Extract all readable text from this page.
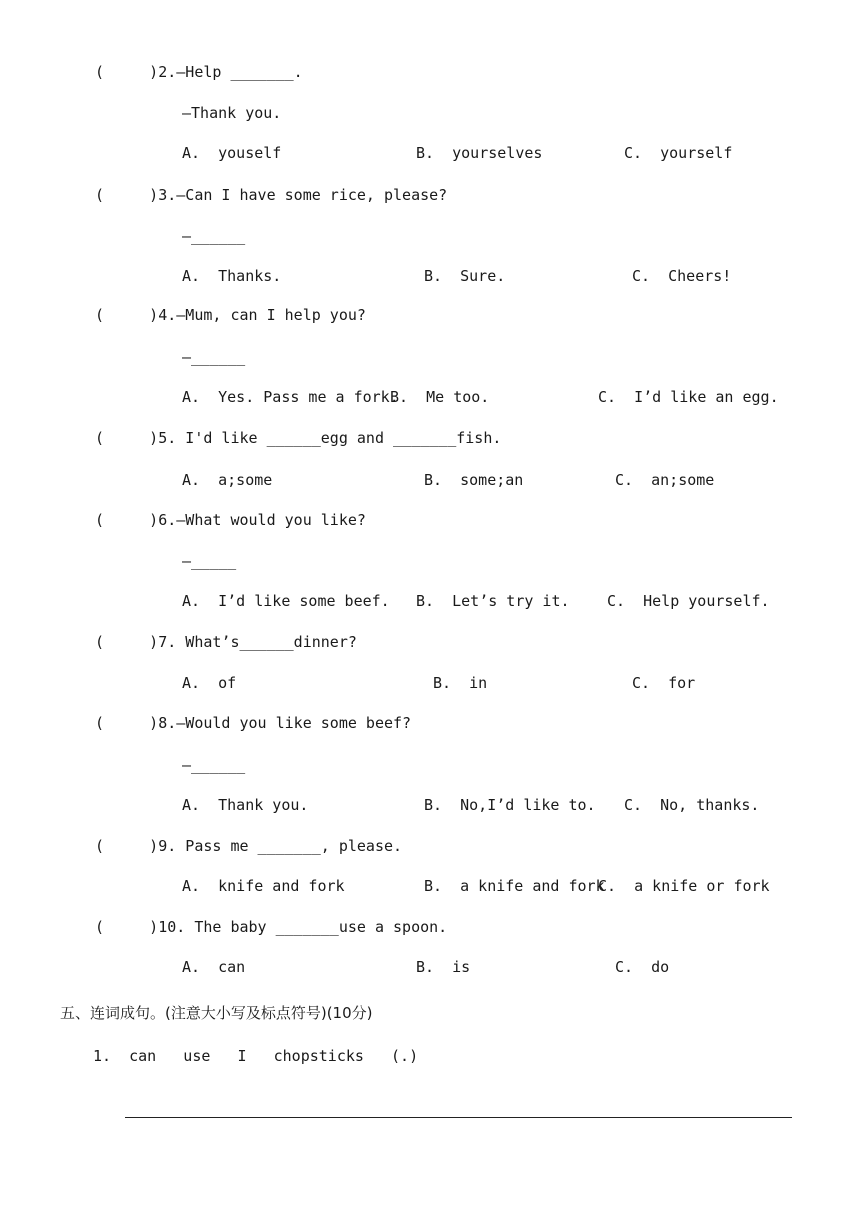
(     )2.—Help _______.
—Thank you.
A.  youself	B.  yourselves	C.  yourself
(     )3.—Can I have some rice, please?
—______
A.  Thanks.	B.  Sure.	C.  Cheers!
(     )4.—Mum, can I help you?
—______
A.  Yes. Pass me a fork.
B.  Me too.	C.  I’d like an egg.
(     )5. I'd like ______egg and _______fish.
A.  a;some	B.  some;an	C.  an;some
(     )6.—What would you like?
—_____
A.  I’d like some beef. B.  Let’s try it. C.  Help yourself.
(     )7. What’s______dinner?
A.  of	B.  in	C.  for
(     )8.—Would you like some beef?
—______
A.  Thank you.	B.  No,I’d like to. C.  No, thanks.
(     )9. Pass me _______, please.
A.  knife and fork	B.  a knife and fork
C.  a knife or fork
(     )10. The baby _______use a spoon.
A.  can	B.  is	C.  do
五、连词成句。(注意大小写及标点符号)(10分)
1.  can   use   I   chopsticks   (.)
